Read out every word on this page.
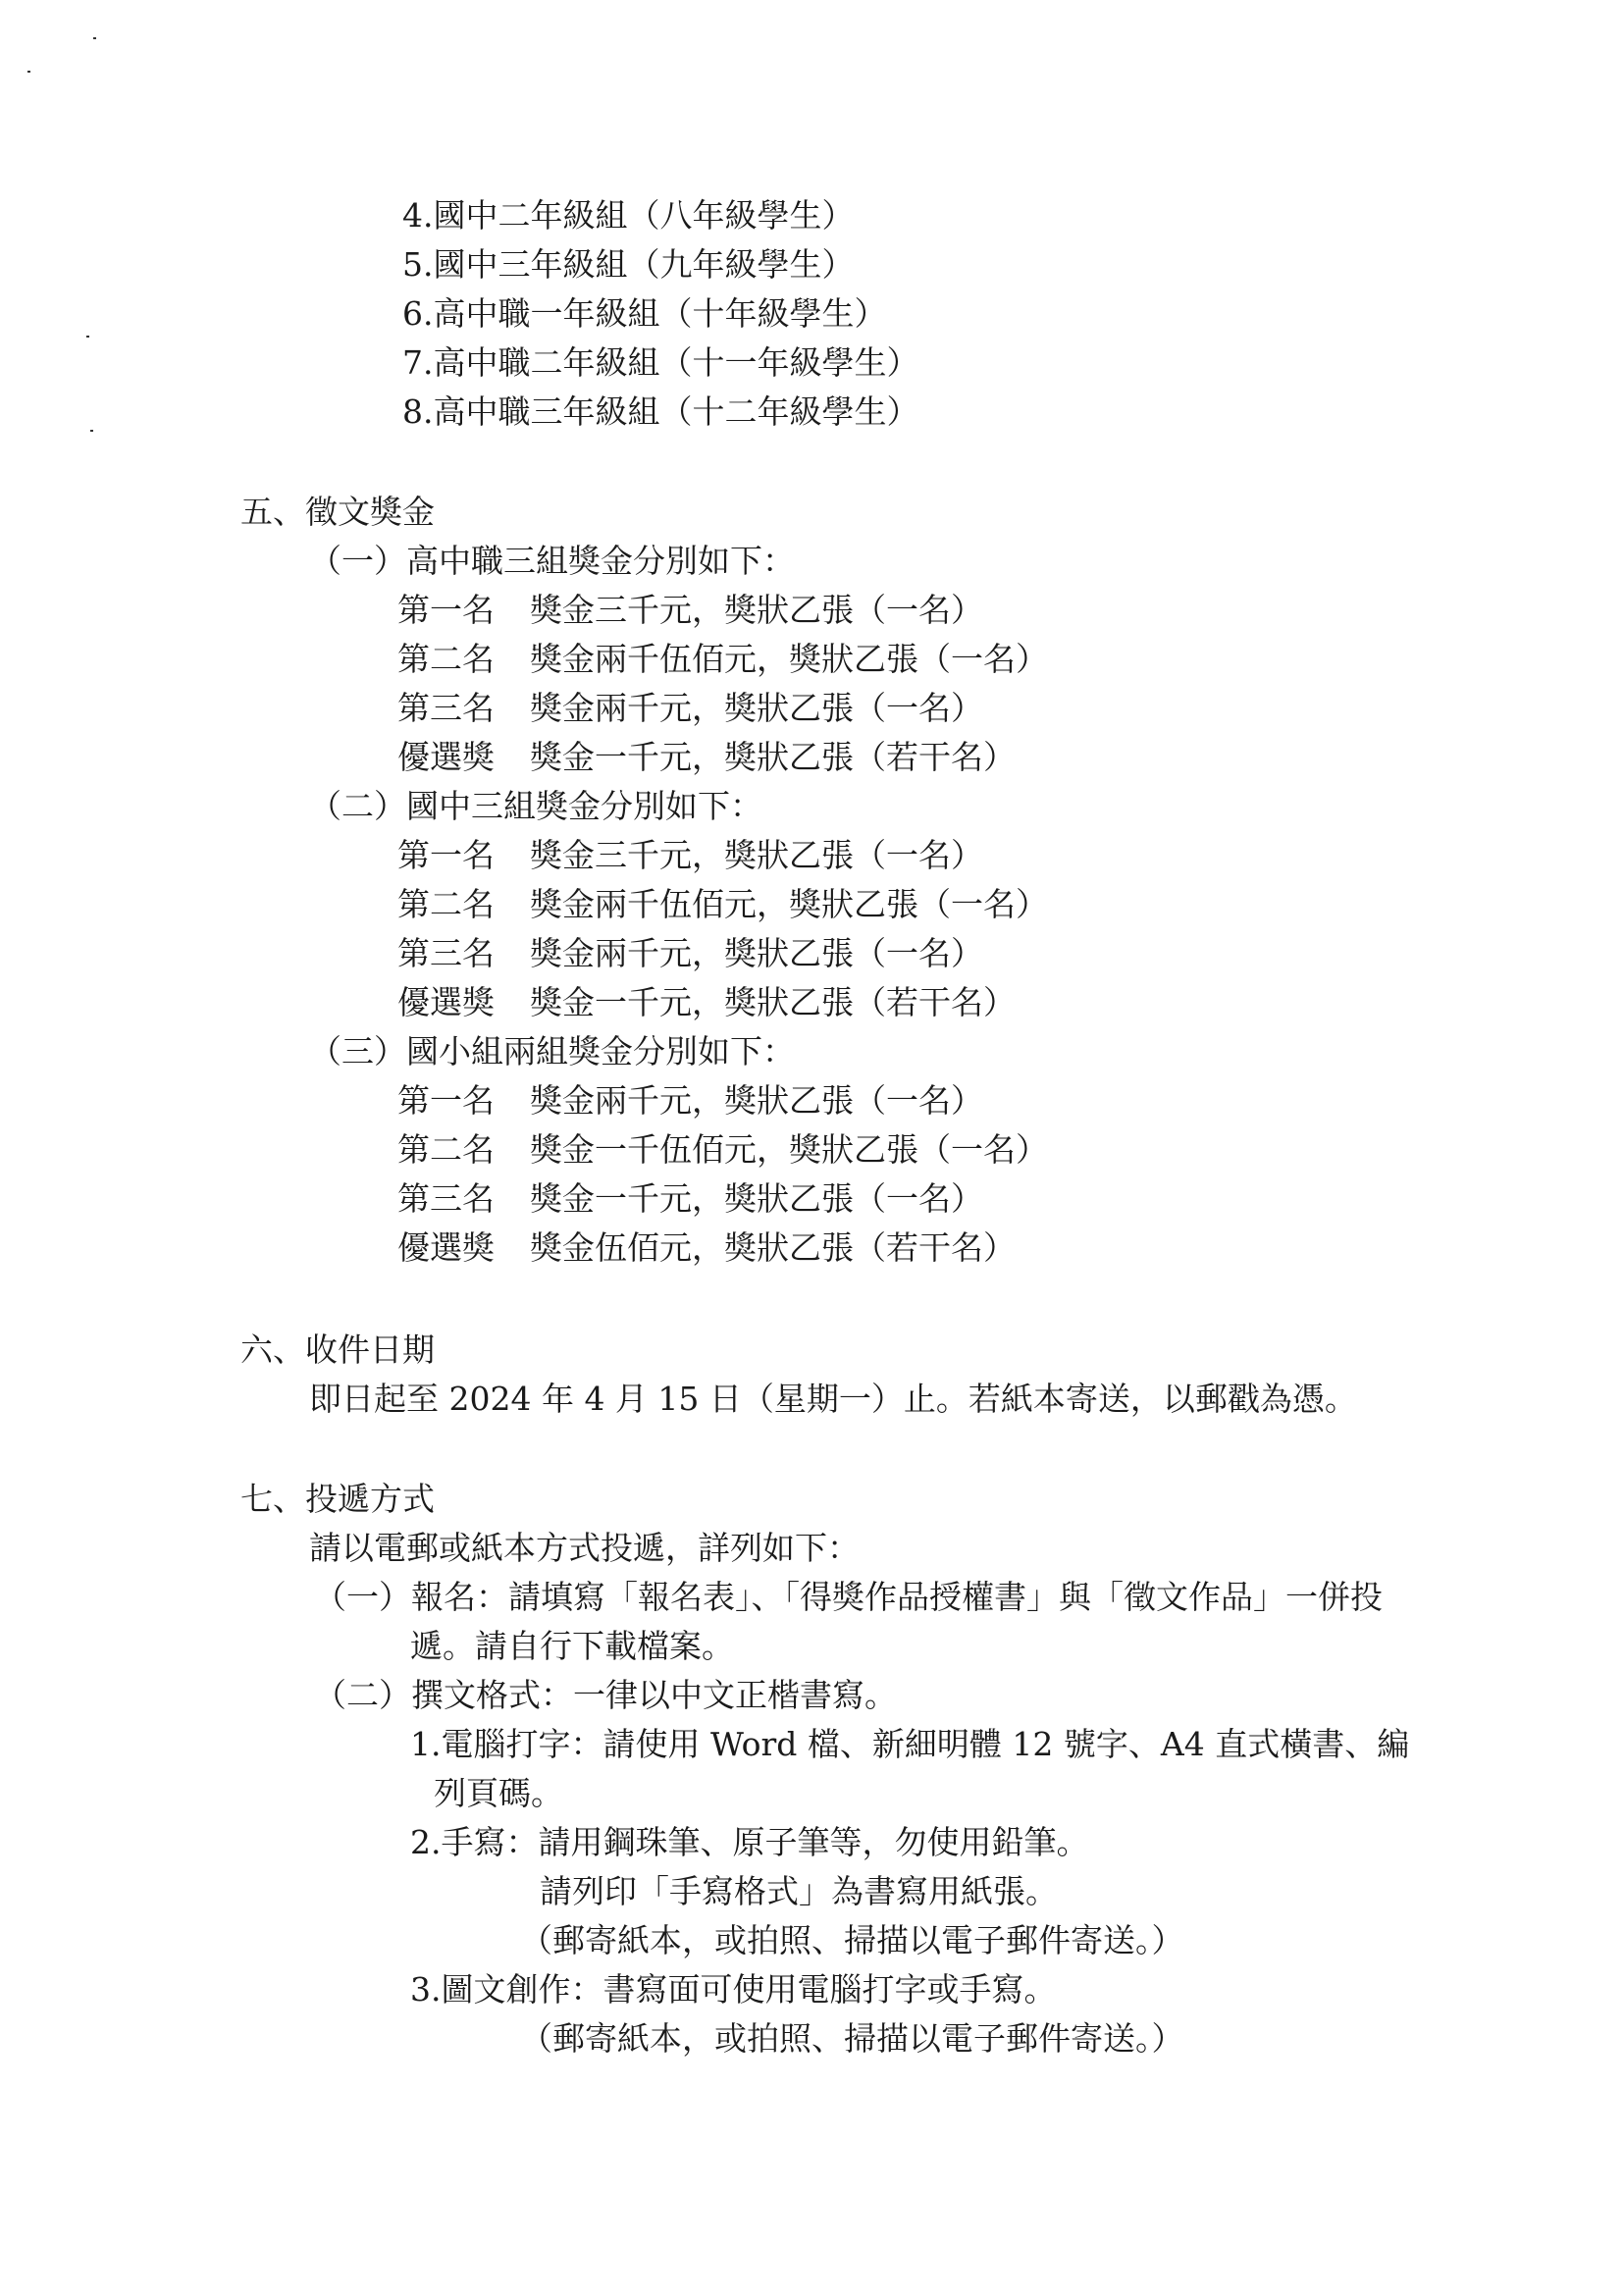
4.國中二年級組（八年級學生）
5.國中三年級組（九年級學生）
6.高中職一年級組（十年級學生）
7.高中職二年級組（十一年級學生）
8.高中職三年級組（十二年級學生）
五、徵文獎金
（一）高中職三組獎金分別如下：
第一名 獎金三千元，獎狀乙張（一名）
第二名 獎金兩千伍佰元，獎狀乙張（一名）
第三名 獎金兩千元，獎狀乙張（一名）
優選獎 獎金一千元，獎狀乙張（若干名）
（二）國中三組獎金分別如下：
第一名 獎金三千元，獎狀乙張（一名）
第二名 獎金兩千伍佰元，獎狀乙張（一名）
第三名 獎金兩千元，獎狀乙張（一名）
優選獎 獎金一千元，獎狀乙張（若干名）
（三）國小組兩組獎金分別如下：
第一名 獎金兩千元，獎狀乙張（一名）
第二名 獎金一千伍佰元，獎狀乙張（一名）
第三名 獎金一千元，獎狀乙張（一名）
優選獎 獎金伍佰元，獎狀乙張（若干名）
六、收件日期
即日起至 2024 年 4 月 15 日（星期一）止。若紙本寄送，以郵戳為憑。
七、投遞方式
請以電郵或紙本方式投遞，詳列如下：
（一）報名：請填寫「報名表」、「得獎作品授權書」與「徵文作品」一併投
遞。請自行下載檔案。
（二）撰文格式：一律以中文正楷書寫。
1.電腦打字：請使用 Word 檔、新細明體 12 號字、A4 直式橫書、編
列頁碼。
2.手寫：請用鋼珠筆、原子筆等，勿使用鉛筆。
請列印「手寫格式」為書寫用紙張。
（郵寄紙本，或拍照、掃描以電子郵件寄送。）
3.圖文創作：書寫面可使用電腦打字或手寫。
（郵寄紙本，或拍照、掃描以電子郵件寄送。）
